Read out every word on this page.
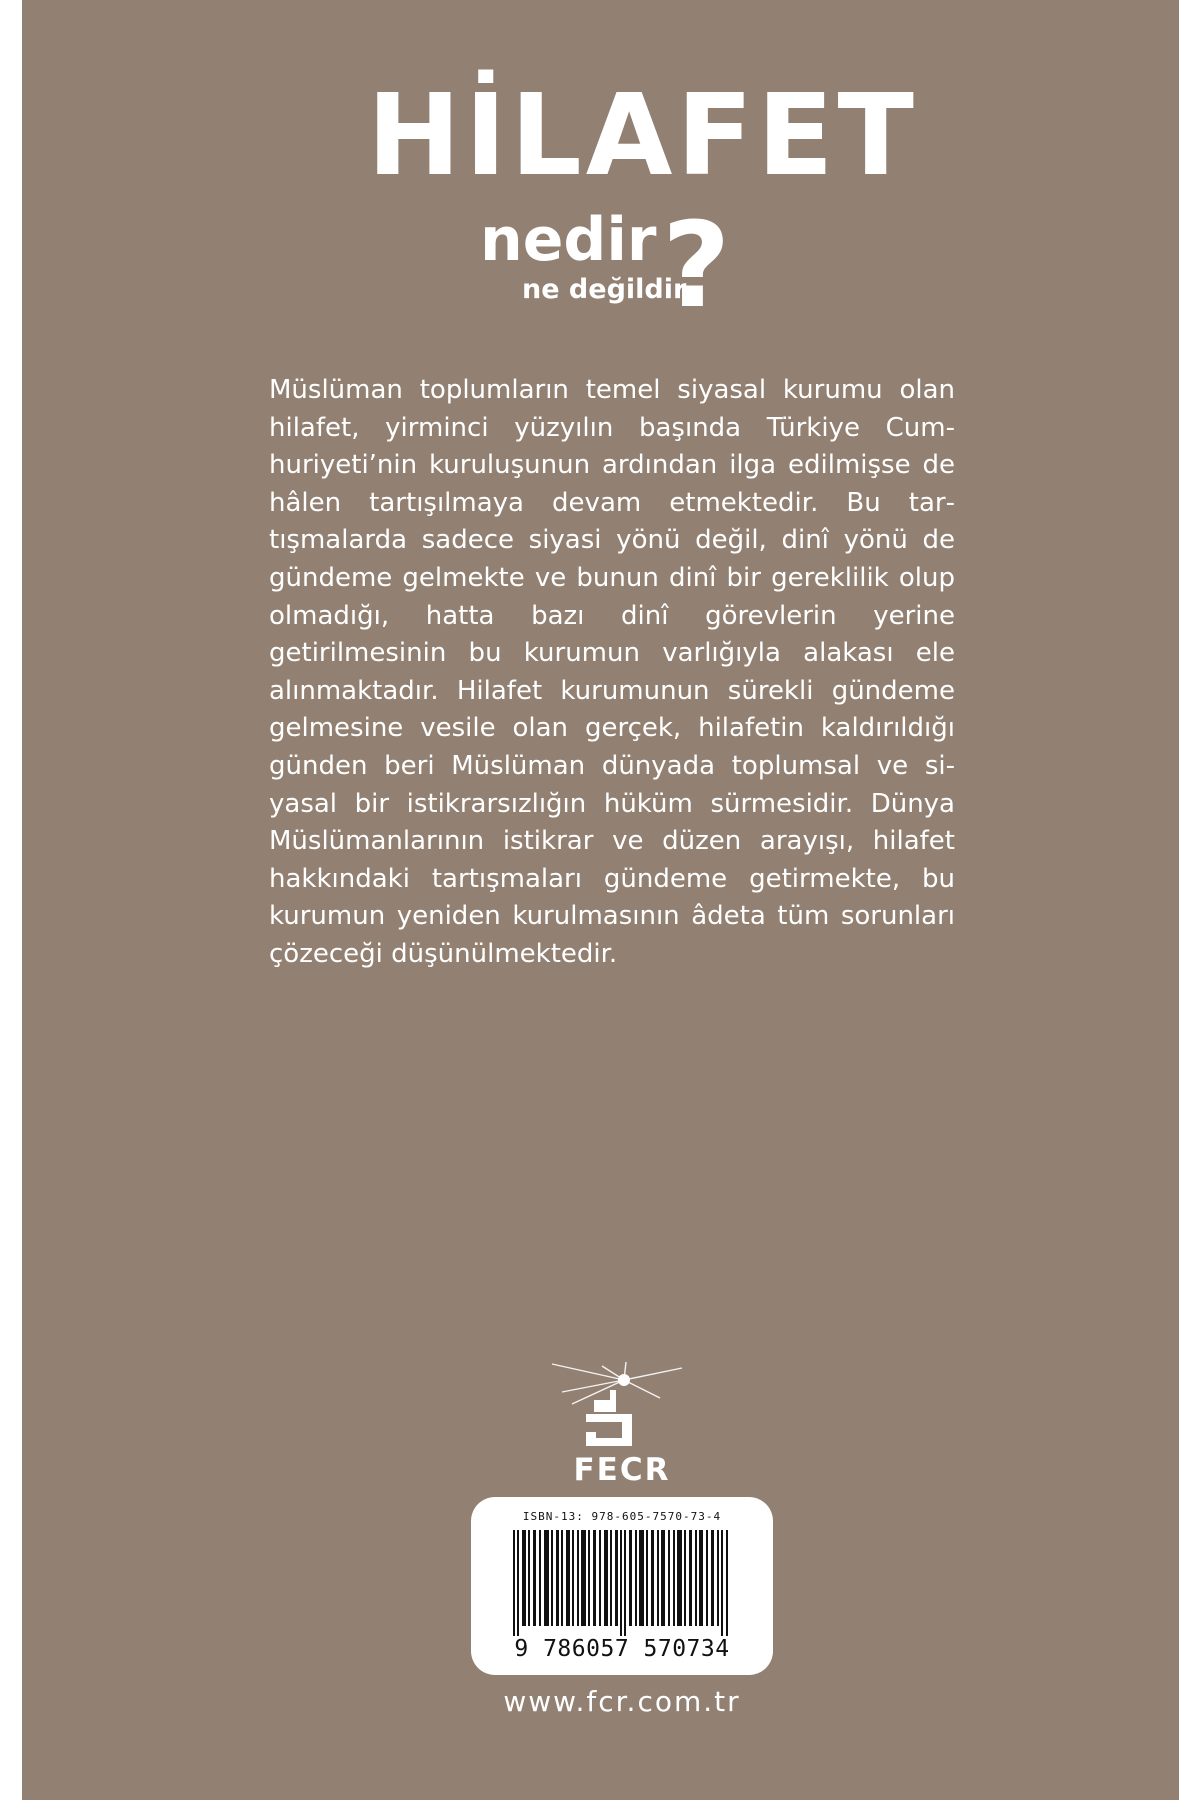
HİLAFET
nedir
ne değildir
?

Müslüman toplumların temel siyasal kurumu olan hilafet, yirminci yüzyılın başında Türkiye Cumhuriyeti’nin kuruluşunun ardından ilga edilmişse de hâlen tartışılmaya devam etmektedir. Bu tartışmalarda sadece siyasi yönü değil, dinî yönü de gündeme gelmekte ve bunun dinî bir gereklilik olup olmadığı, hatta bazı dinî görevlerin yerine getirilmesinin bu kurumun varlığıyla alakası ele alınmaktadır. Hilafet kurumunun sürekli gündeme gelmesine vesile olan gerçek, hilafetin kaldırıldığı günden beri Müslüman dünyada toplumsal ve siyasal bir istikrarsızlığın hüküm sürmesidir. Dünya Müslümanlarının istikrar ve düzen arayışı, hilafet hakkındaki tartışmaları gündeme getirmekte, bu kurumun yeniden kurulmasının âdeta tüm sorunları çözeceği düşünülmektedir.

FECR
ISBN-13: 978-605-7570-73-4
9 786057 570734
www.fcr.com.tr
